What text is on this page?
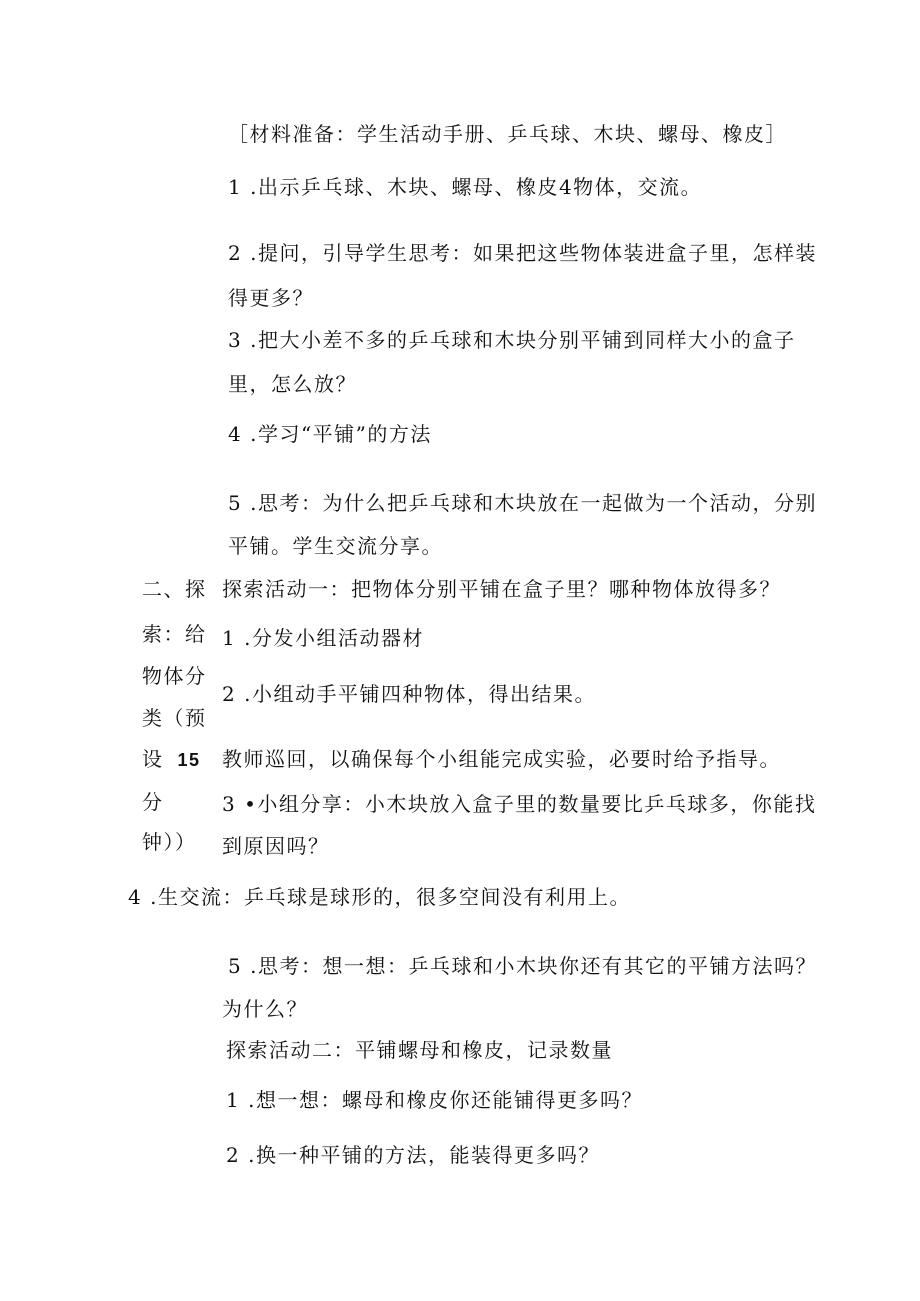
［材料准备：学生活动手册、乒乓球、木块、螺母、橡皮］
1 .出示乒乓球、木块、螺母、橡皮4物体，交流。
2 .提问，引导学生思考：如果把这些物体装进盒子里，怎样装
得更多？
3 .把大小差不多的乒乓球和木块分别平铺到同样大小的盒子
里，怎么放？
4 .学习“平铺”的方法
5 .思考：为什么把乒乓球和木块放在一起做为一个活动，分别
平铺。学生交流分享。
二、探
索：给
物体分
类（预
设 15
分
钟））
探索活动一：把物体分别平铺在盒子里？哪种物体放得多？
1 .分发小组活动器材
2 .小组动手平铺四种物体，得出结果。
教师巡回，以确保每个小组能完成实验，必要时给予指导。
3 •小组分享：小木块放入盒子里的数量要比乒乓球多，你能找
到原因吗？
4 .生交流：乒乓球是球形的，很多空间没有利用上。
5 .思考：想一想：乒乓球和小木块你还有其它的平铺方法吗？
为什么？
探索活动二：平铺螺母和橡皮，记录数量
1 .想一想：螺母和橡皮你还能铺得更多吗？
2 .换一种平铺的方法，能装得更多吗？
